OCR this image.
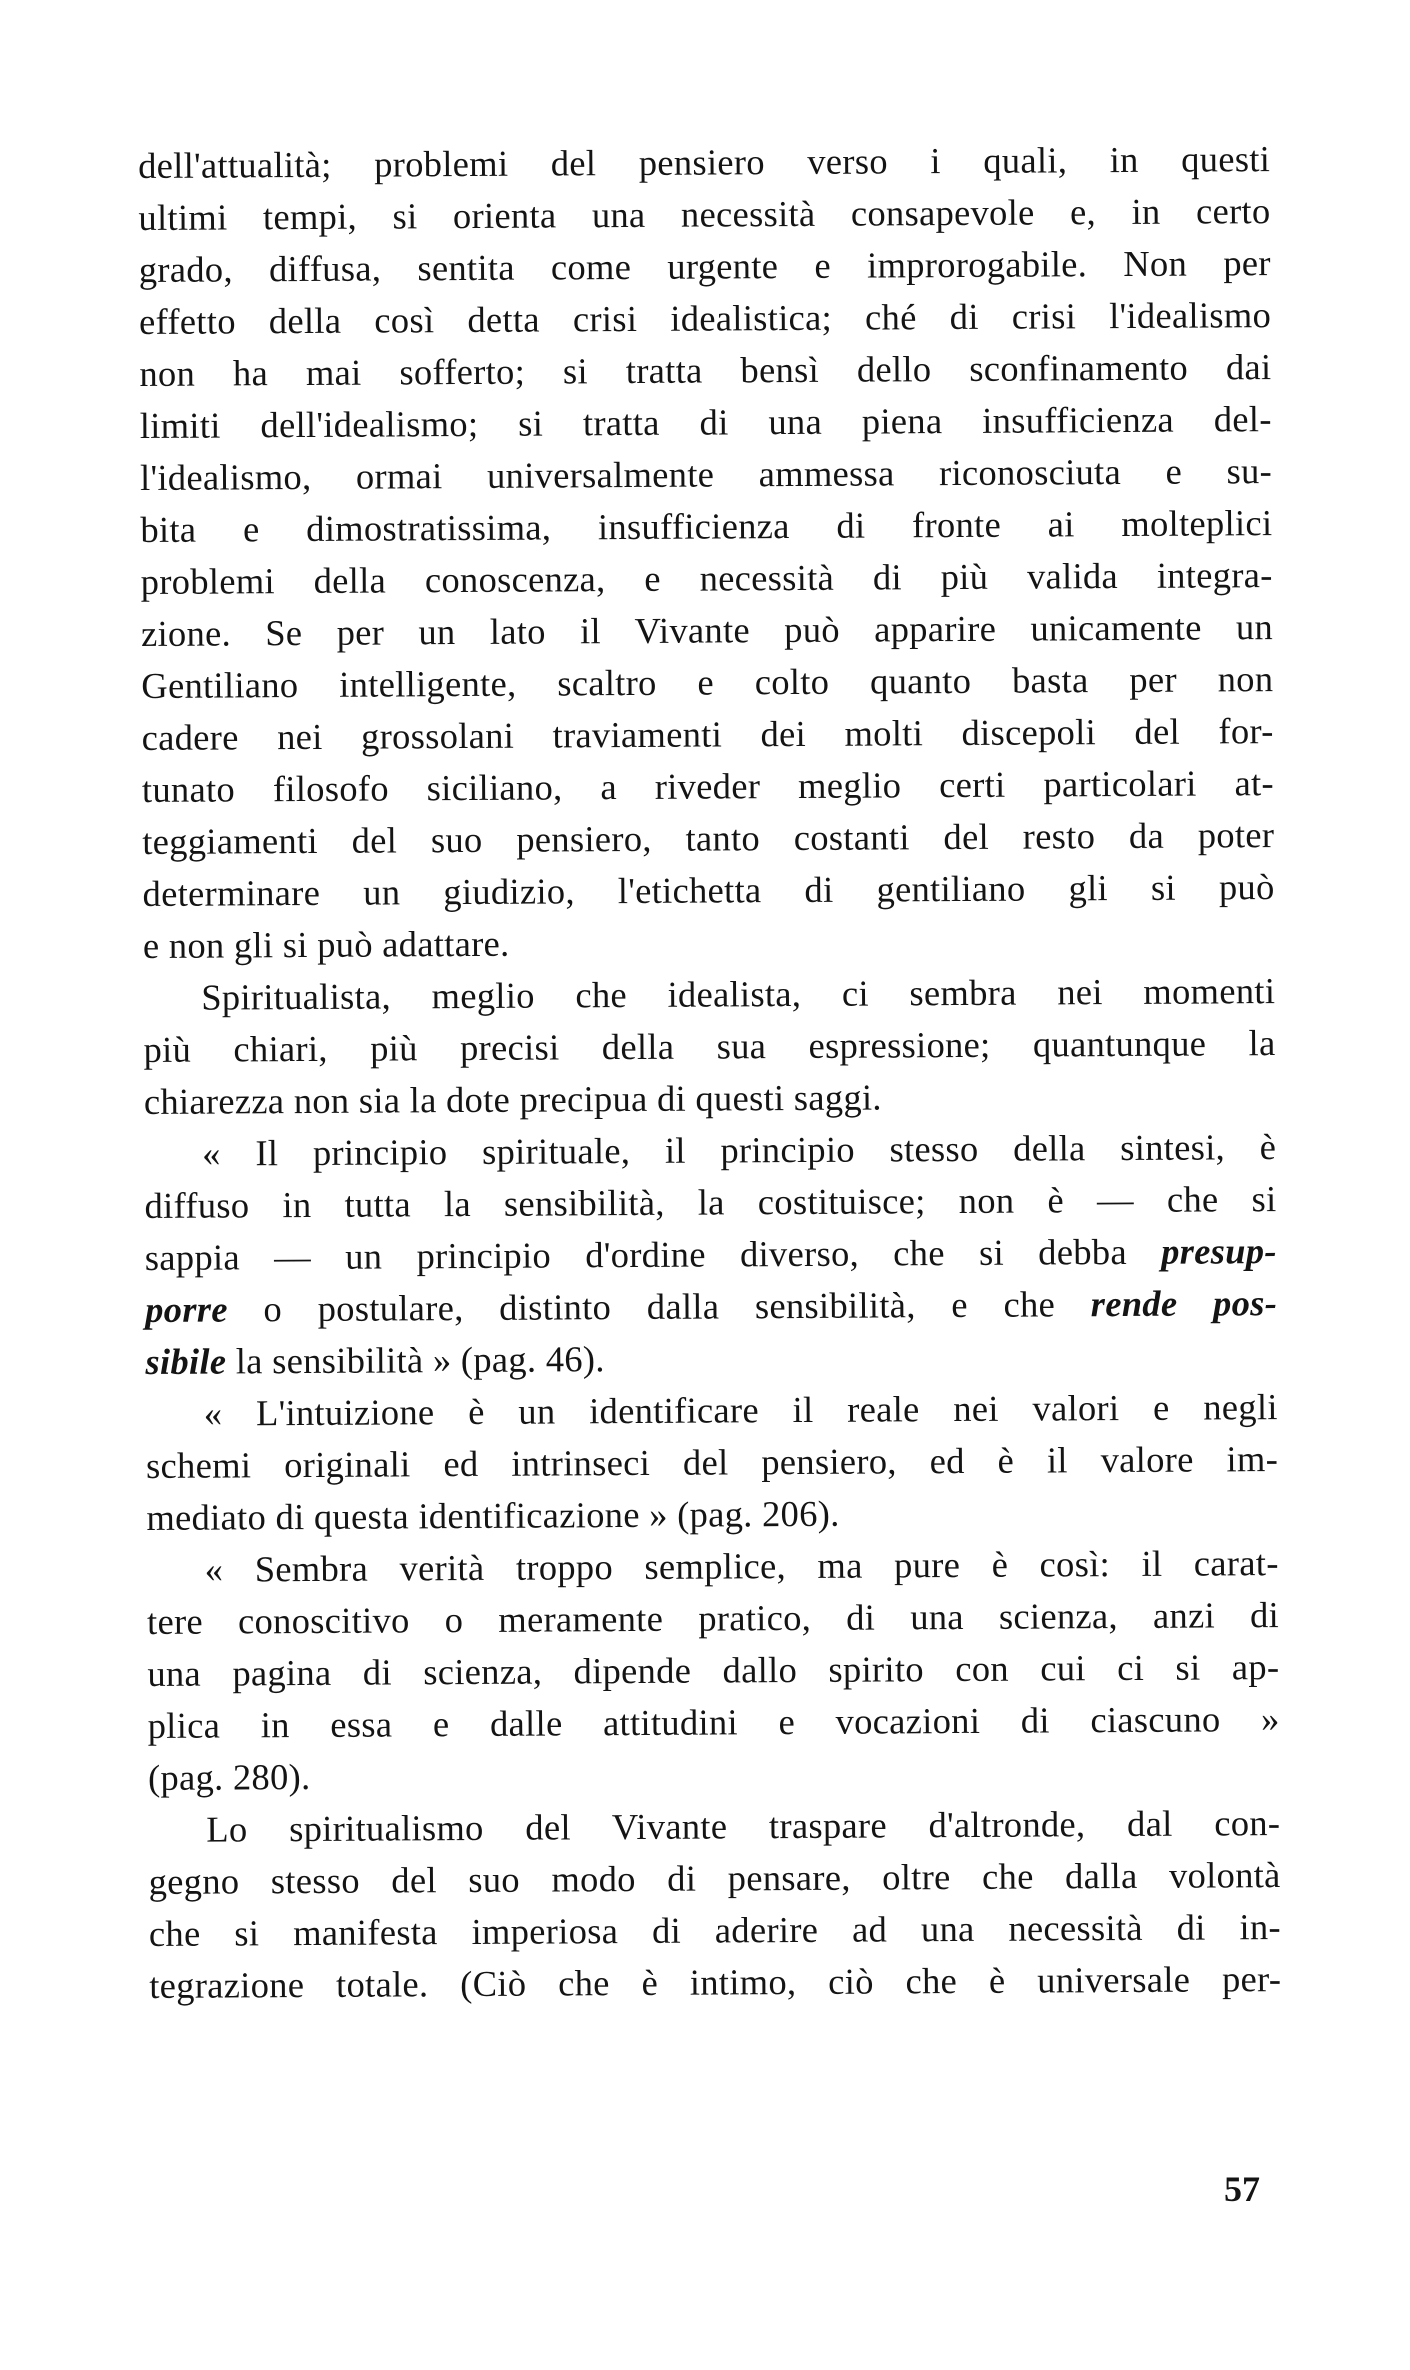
dell'attualità; problemi del pensiero verso i quali, in questi
ultimi tempi, si orienta una necessità consapevole e, in certo
grado, diffusa, sentita come urgente e improrogabile. Non per
effetto della così detta crisi idealistica; ché di crisi l'idealismo
non ha mai sofferto; si tratta bensì dello sconfinamento dai
limiti dell'idealismo; si tratta di una piena insufficienza del-
l'idealismo, ormai universalmente ammessa riconosciuta e su-
bita e dimostratissima, insufficienza di fronte ai molteplici
problemi della conoscenza, e necessità di più valida integra-
zione. Se per un lato il Vivante può apparire unicamente un
Gentiliano intelligente, scaltro e colto quanto basta per non
cadere nei grossolani traviamenti dei molti discepoli del for-
tunato filosofo siciliano, a riveder meglio certi particolari at-
teggiamenti del suo pensiero, tanto costanti del resto da poter
determinare un giudizio, l'etichetta di gentiliano gli si può
e non gli si può adattare.
Spiritualista, meglio che idealista, ci sembra nei momenti
più chiari, più precisi della sua espressione; quantunque la
chiarezza non sia la dote precipua di questi saggi.
« Il principio spirituale, il principio stesso della sintesi, è
diffuso in tutta la sensibilità, la costituisce; non è — che si
sappia — un principio d'ordine diverso, che si debba presup-
porre o postulare, distinto dalla sensibilità, e che rende pos-
sibile la sensibilità » (pag. 46).
« L'intuizione è un identificare il reale nei valori e negli
schemi originali ed intrinseci del pensiero, ed è il valore im-
mediato di questa identificazione » (pag. 206).
« Sembra verità troppo semplice, ma pure è così: il carat-
tere conoscitivo o meramente pratico, di una scienza, anzi di
una pagina di scienza, dipende dallo spirito con cui ci si ap-
plica in essa e dalle attitudini e vocazioni di ciascuno »
(pag. 280).
Lo spiritualismo del Vivante traspare d'altronde, dal con-
gegno stesso del suo modo di pensare, oltre che dalla volontà
che si manifesta imperiosa di aderire ad una necessità di in-
tegrazione totale. (Ciò che è intimo, ciò che è universale per-
57
